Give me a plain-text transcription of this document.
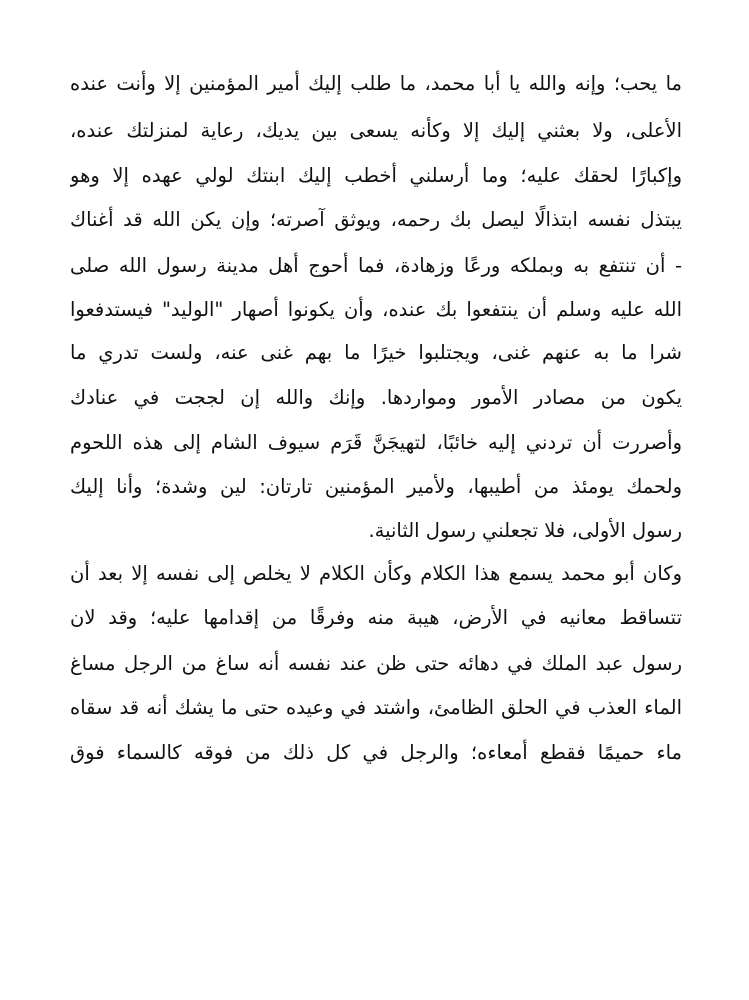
ما يحب؛ وإنه والله يا أبا محمد، ما طلب إليك أمير المؤمنين إلا وأنت عنده
الأعلى، ولا بعثني إليك إلا وكأنه يسعى بين يديك، رعاية لمنزلتك عنده،
وإكبارًا لحقك عليه؛ وما أرسلني أخطب إليك ابنتك لولي عهده إلا وهو
يبتذل نفسه ابتذالًا ليصل بك رحمه، ويوثق آصرته؛ وإن يكن الله قد أغناك
- أن تنتفع به وبملكه ورعًا وزهادة، فما أحوج أهل مدينة رسول الله صلى
الله عليه وسلم أن ينتفعوا بك عنده، وأن يكونوا أصهار "الوليد" فيستدفعوا
شرا ما به عنهم غنى، ويجتلبوا خيرًا ما بهم غنى عنه، ولست تدري ما
يكون من مصادر الأمور ومواردها. وإنك والله إن لججت في عنادك
وأصررت أن تردني إليه خائبًا، لتهيجَنَّ قَرَم سيوف الشام إلى هذه اللحوم
ولحمك يومئذ من أطيبها، ولأمير المؤمنين تارتان: لين وشدة؛ وأنا إليك
رسول الأولى، فلا تجعلني رسول الثانية.
وكان أبو محمد يسمع هذا الكلام وكأن الكلام لا يخلص إلى نفسه إلا بعد أن
تتساقط معانيه في الأرض، هيبة منه وفرقًا من إقدامها عليه؛ وقد لان
رسول عبد الملك في دهائه حتى ظن عند نفسه أنه ساغ من الرجل مساغ
الماء العذب في الحلق الظامئ، واشتد في وعيده حتى ما يشك أنه قد سقاه
ماء حميمًا فقطع أمعاءه؛ والرجل في كل ذلك من فوقه كالسماء فوق
